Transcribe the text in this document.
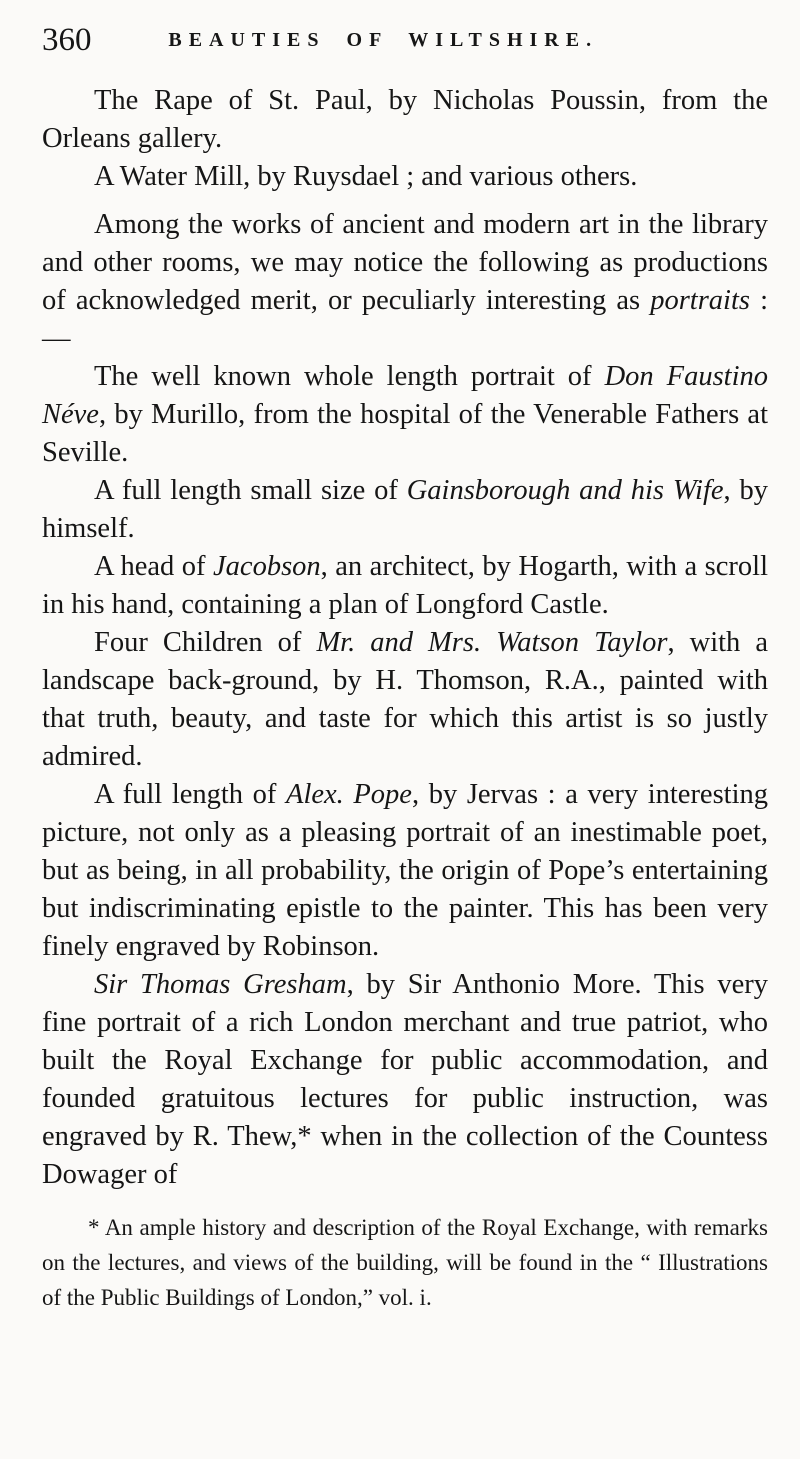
360	BEAUTIES OF WILTSHIRE.

The Rape of St. Paul, by Nicholas Poussin, from the Orleans gallery.

A Water Mill, by Ruysdael ; and various others.

Among the works of ancient and modern art in the library and other rooms, we may notice the following as productions of acknowledged merit, or peculiarly interesting as portraits :—

The well known whole length portrait of Don Faustino Néve, by Murillo, from the hospital of the Venerable Fathers at Seville.

A full length small size of Gainsborough and his Wife, by himself.

A head of Jacobson, an architect, by Hogarth, with a scroll in his hand, containing a plan of Longford Castle.

Four Children of Mr. and Mrs. Watson Taylor, with a landscape back-ground, by H. Thomson, R.A., painted with that truth, beauty, and taste for which this artist is so justly admired.

A full length of Alex. Pope, by Jervas : a very interesting picture, not only as a pleasing portrait of an inestimable poet, but as being, in all probability, the origin of Pope’s entertaining but indiscriminating epistle to the painter. This has been very finely engraved by Robinson.

Sir Thomas Gresham, by Sir Anthonio More. This very fine portrait of a rich London merchant and true patriot, who built the Royal Exchange for public accommodation, and founded gratuitous lectures for public instruction, was engraved by R. Thew,* when in the collection of the Countess Dowager of

* An ample history and description of the Royal Exchange, with remarks on the lectures, and views of the building, will be found in the “ Illustrations of the Public Buildings of London,” vol. i.
